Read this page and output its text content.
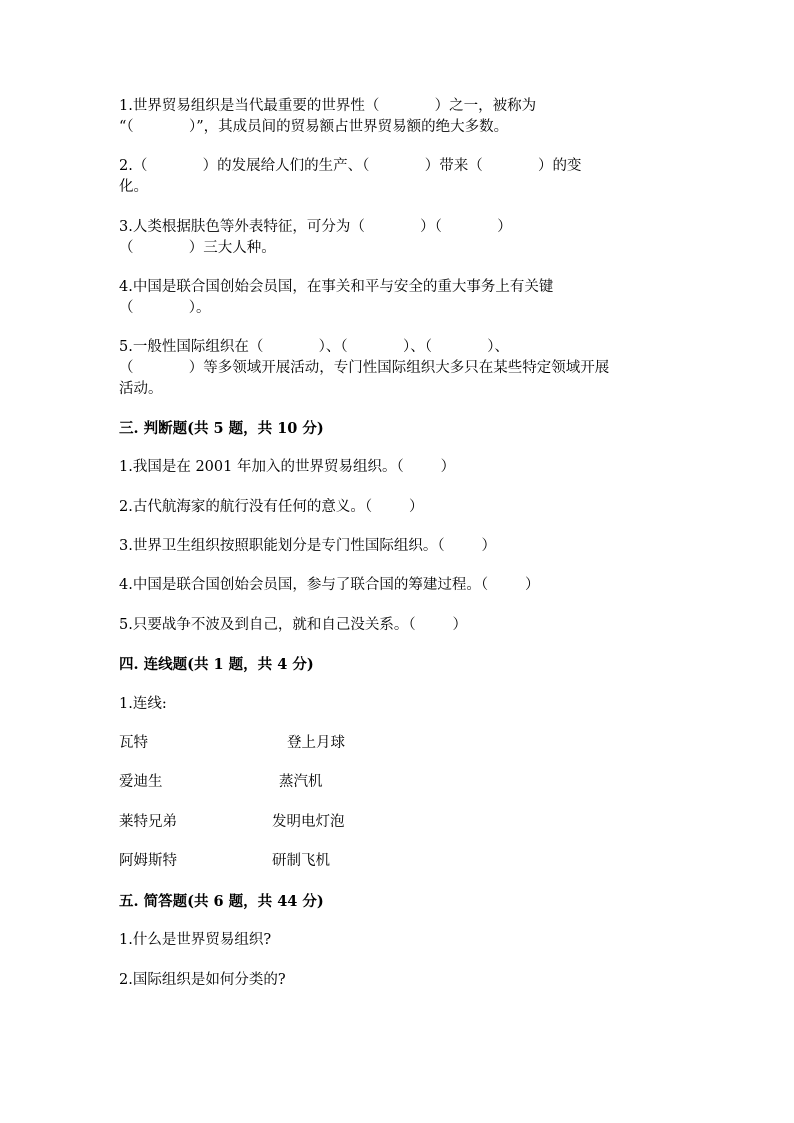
1.世界贸易组织是当代最重要的世界性（            ）之一，被称为

“（            ）”，其成员间的贸易额占世界贸易额的绝大多数。

2.（            ）的发展给人们的生产、（            ）带来（            ）的变

化。

3.人类根据肤色等外表特征，可分为（            ）（            ）

（            ）三大人种。

4.中国是联合国创始会员国，在事关和平与安全的重大事务上有关键

（            ）。

5.一般性国际组织在（            ）、（            ）、（            ）、

（            ）等多领域开展活动，专门性国际组织大多只在某些特定领域开展

活动。

三. 判断题(共 5 题，共 10 分)

1.我国是在 2001 年加入的世界贸易组织。（        ）

2.古代航海家的航行没有任何的意义。（        ）

3.世界卫生组织按照职能划分是专门性国际组织。（        ）

4.中国是联合国创始会员国，参与了联合国的筹建过程。（        ）

5.只要战争不波及到自己，就和自己没关系。（        ）

四. 连线题(共 1 题，共 4 分)

1.连线:

瓦特	登上月球

爱迪生	蒸汽机

莱特兄弟	发明电灯泡

阿姆斯特	研制飞机

五. 简答题(共 6 题，共 44 分)

1.什么是世界贸易组织?

2.国际组织是如何分类的?
